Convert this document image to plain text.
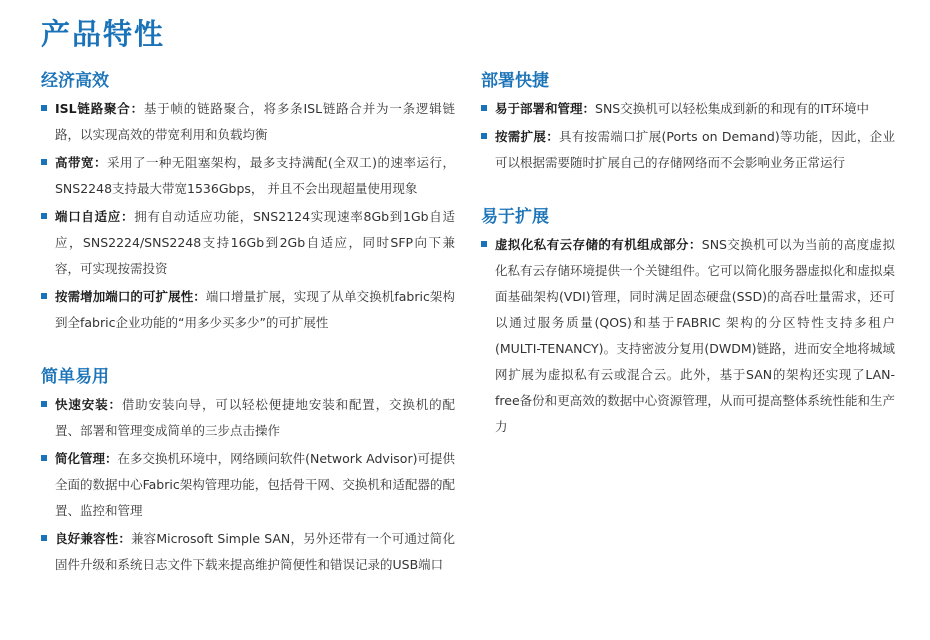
产品特性
经济高效
ISL链路聚合：基于帧的链路聚合，将多条ISL链路合并为一条逻辑链路，以实现高效的带宽利用和负载均衡
高带宽：采用了一种无阻塞架构，最多支持满配(全双工)的速率运行，SNS2248支持最大带宽1536Gbps， 并且不会出现超量使用现象
端口自适应：拥有自动适应功能，SNS2124实现速率8Gb到1Gb自适应，SNS2224/SNS2248支持16Gb到2Gb自适应，同时SFP向下兼容，可实现按需投资
按需增加端口的可扩展性：端口增量扩展，实现了从单交换机fabric架构到全fabric企业功能的“用多少买多少”的可扩展性
简单易用
快速安装：借助安装向导，可以轻松便捷地安装和配置，交换机的配置、部署和管理变成简单的三步点击操作
简化管理：在多交换机环境中，网络顾问软件(Network Advisor)可提供全面的数据中心Fabric架构管理功能，包括骨干网、交换机和适配器的配置、监控和管理
良好兼容性：兼容Microsoft Simple SAN，另外还带有一个可通过简化固件升级和系统日志文件下载来提高维护简便性和错误记录的USB端口
部署快捷
易于部署和管理：SNS交换机可以轻松集成到新的和现有的IT环境中
按需扩展：具有按需端口扩展(Ports on Demand)等功能，因此，企业可以根据需要随时扩展自己的存储网络而不会影响业务正常运行
易于扩展
虚拟化私有云存储的有机组成部分：SNS交换机可以为当前的高度虚拟化私有云存储环境提供一个关键组件。它可以简化服务器虚拟化和虚拟桌面基础架构(VDI)管理，同时满足固态硬盘(SSD)的高吞吐量需求，还可以通过服务质量(QOS)和基于FABRIC 架构的分区特性支持多租户(MULTI-TENANCY)。支持密波分复用(DWDM)链路，进而安全地将城域网扩展为虚拟私有云或混合云。此外，基于SAN的架构还实现了LAN-free备份和更高效的数据中心资源管理，从而可提高整体系统性能和生产力
